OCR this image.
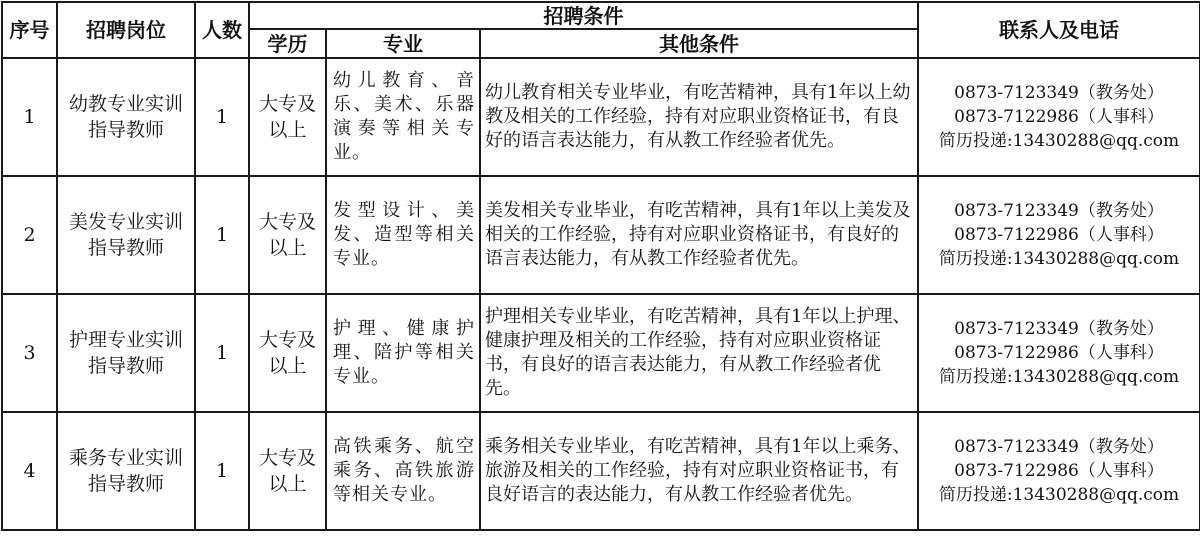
序号	招聘岗位	人数	招聘条件			联系人及电话
			学历	专业	其他条件	
1	幼教专业实训指导教师	1	大专及以上	幼儿教育、音乐、美术、乐器演奏等相关专业。	幼儿教育相关专业毕业，有吃苦精神，具有1年以上幼教及相关的工作经验，持有对应职业资格证书，有良好的语言表达能力，有从教工作经验者优先。	0873-7123349（教务处）
0873-7122986（人事科）
简历投递:13430288@qq.com

2	美发专业实训指导教师	1	大专及以上	发型设计、美发、造型等相关专业。	美发相关专业毕业，有吃苦精神，具有1年以上美发及相关的工作经验，持有对应职业资格证书，有良好的语言表达能力，有从教工作经验者优先。	0873-7123349（教务处）
0873-7122986（人事科）
简历投递:13430288@qq.com

3	护理专业实训指导教师	1	大专及以上	护理、健康护理、陪护等相关专业。	护理相关专业毕业，有吃苦精神，具有1年以上护理、健康护理及相关的工作经验，持有对应职业资格证书，有良好的语言表达能力，有从教工作经验者优先。	0873-7123349（教务处）
0873-7122986（人事科）
简历投递:13430288@qq.com

4	乘务专业实训指导教师	1	大专及以上	高铁乘务、航空乘务、高铁旅游等相关专业。	乘务相关专业毕业，有吃苦精神，具有1年以上乘务、旅游及相关的工作经验，持有对应职业资格证书，有良好语言的表达能力，有从教工作经验者优先。	0873-7123349（教务处）
0873-7122986（人事科）
简历投递:13430288@qq.com
